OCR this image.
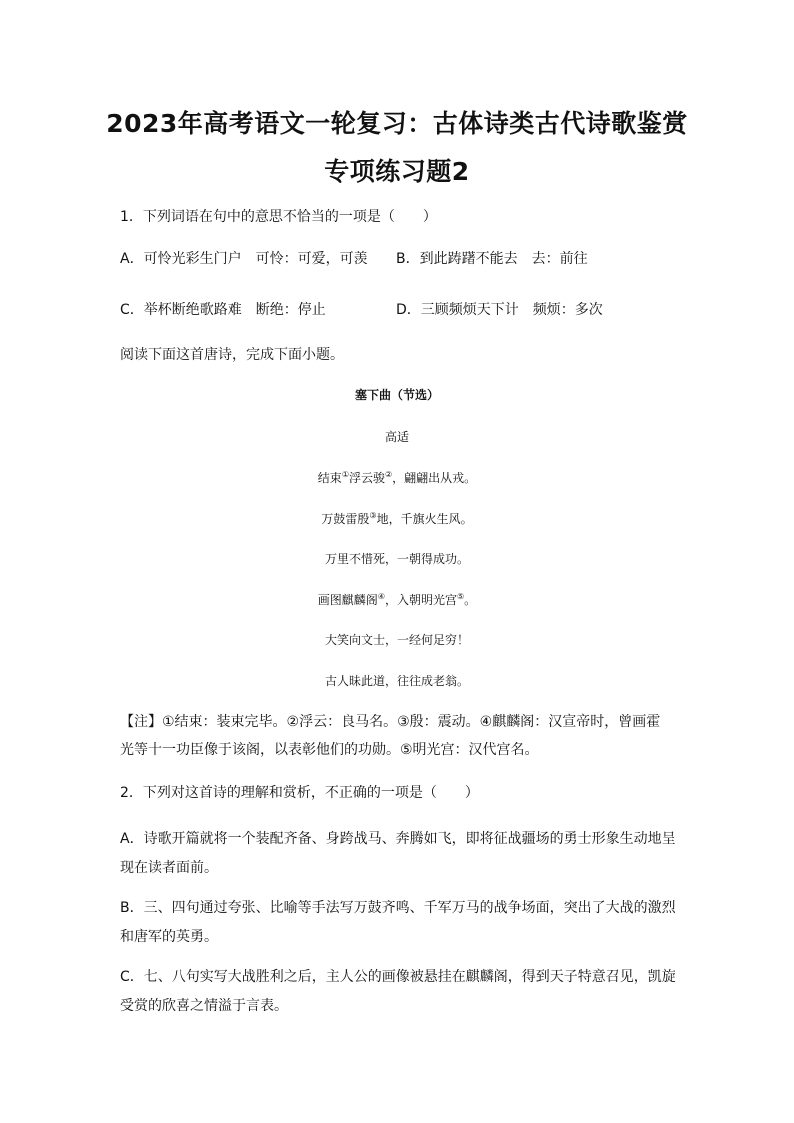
2023年高考语文一轮复习：古体诗类古代诗歌鉴赏
专项练习题2
1．下列词语在句中的意思不恰当的一项是（　　）
A．可怜光彩生门户　可怜：可爱，可羡 B．到此踌躇不能去　去：前往
C．举杯断绝歌路难　断绝：停止	D．三顾频烦天下计　频烦：多次
阅读下面这首唐诗，完成下面小题。
塞下曲（节选）
高适
结束①浮云骏②，翩翩出从戎。
万鼓雷殷③地，千旗火生风。
万里不惜死，一朝得成功。
画图麒麟阁④，入朝明光宫⑤。
大笑向文士，一经何足穷！
古人昧此道，往往成老翁。
【注】①结束：装束完毕。②浮云：良马名。③殷：震动。④麒麟阁：汉宣帝时，曾画霍
光等十一功臣像于该阁，以表彰他们的功勋。⑤明光宫：汉代宫名。
2．下列对这首诗的理解和赏析，不正确的一项是（　　）
A．诗歌开篇就将一个装配齐备、身跨战马、奔腾如飞，即将征战疆场的勇士形象生动地呈
现在读者面前。
B．三、四句通过夸张、比喻等手法写万鼓齐鸣、千军万马的战争场面，突出了大战的激烈
和唐军的英勇。
C．七、八句实写大战胜利之后，主人公的画像被悬挂在麒麟阁，得到天子特意召见，凯旋
受赏的欣喜之情溢于言表。
